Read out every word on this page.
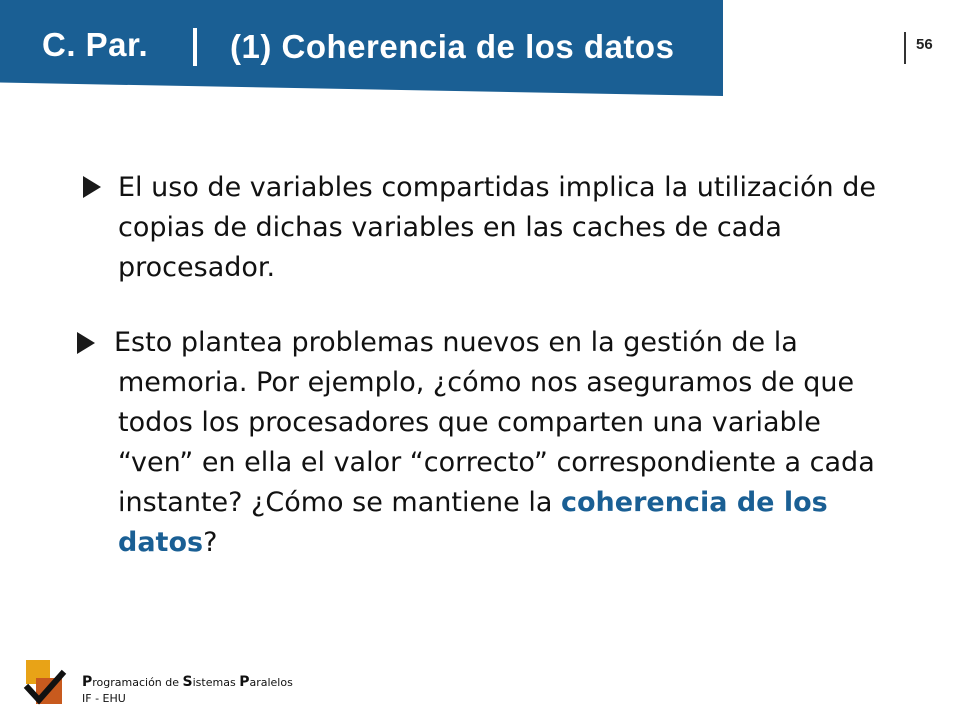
C. Par. (1) Coherencia de los datos	56
El uso de variables compartidas implica la utilización de copias de dichas variables en las caches de cada procesador.
Esto plantea problemas nuevos en la gestión de la
memoria. Por ejemplo, ¿cómo nos aseguramos de que
todos los procesadores que comparten una variable
“ven” en ella el valor “correcto” correspondiente a cada
instante? ¿Cómo se mantiene la coherencia de los
datos?
Programación de Sistemas Paralelos
IF - EHU
